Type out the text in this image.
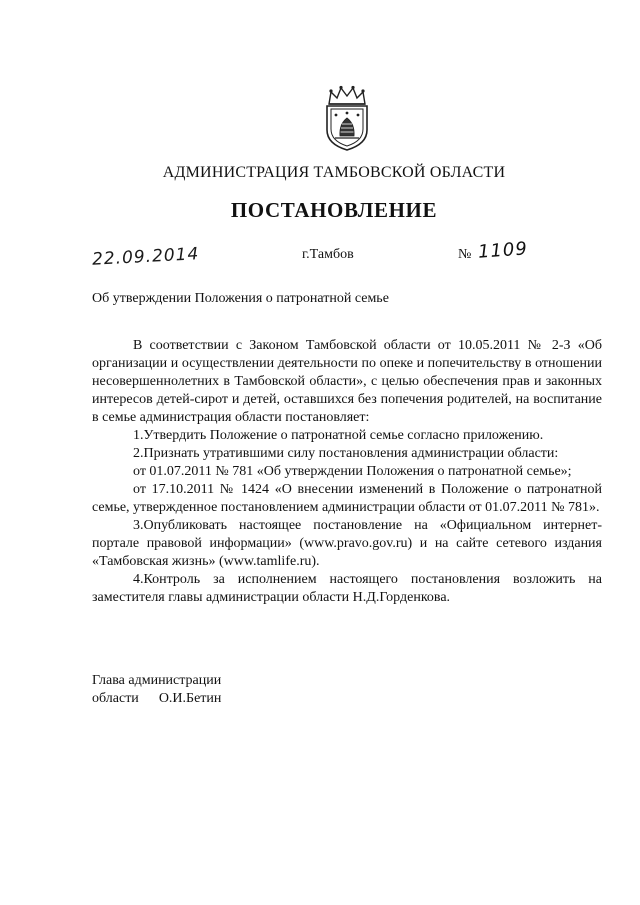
АДМИНИСТРАЦИЯ ТАМБОВСКОЙ ОБЛАСТИ
ПОСТАНОВЛЕНИЕ
22.09.2014	г.Тамбов	№ 1109
Об утверждении Положения о патронатной семье

В соответствии с Законом Тамбовской области от 10.05.2011 № 2-З «Об организации и осуществлении деятельности по опеке и попечительству в отношении несовершеннолетних в Тамбовской области», с целью обеспечения прав и законных интересов детей-сирот и детей, оставшихся без попечения родителей, на воспитание в семье администрация области постановляет:

1.Утвердить Положение о патронатной семье согласно приложению.

2.Признать утратившими силу постановления администрации области:

от 01.07.2011 № 781 «Об утверждении Положения о патронатной семье»;

от 17.10.2011 № 1424 «О внесении изменений в Положение о патронатной семье, утвержденное постановлением администрации области от 01.07.2011 № 781».

3.Опубликовать настоящее постановление на «Официальном интернет-портале правовой информации» (www.pravo.gov.ru) и на сайте сетевого издания «Тамбовская жизнь» (www.tamlife.ru).

4.Контроль за исполнением настоящего постановления возложить на заместителя главы администрации области Н.Д.Горденкова.

Глава администрации
области О.И.Бетин
